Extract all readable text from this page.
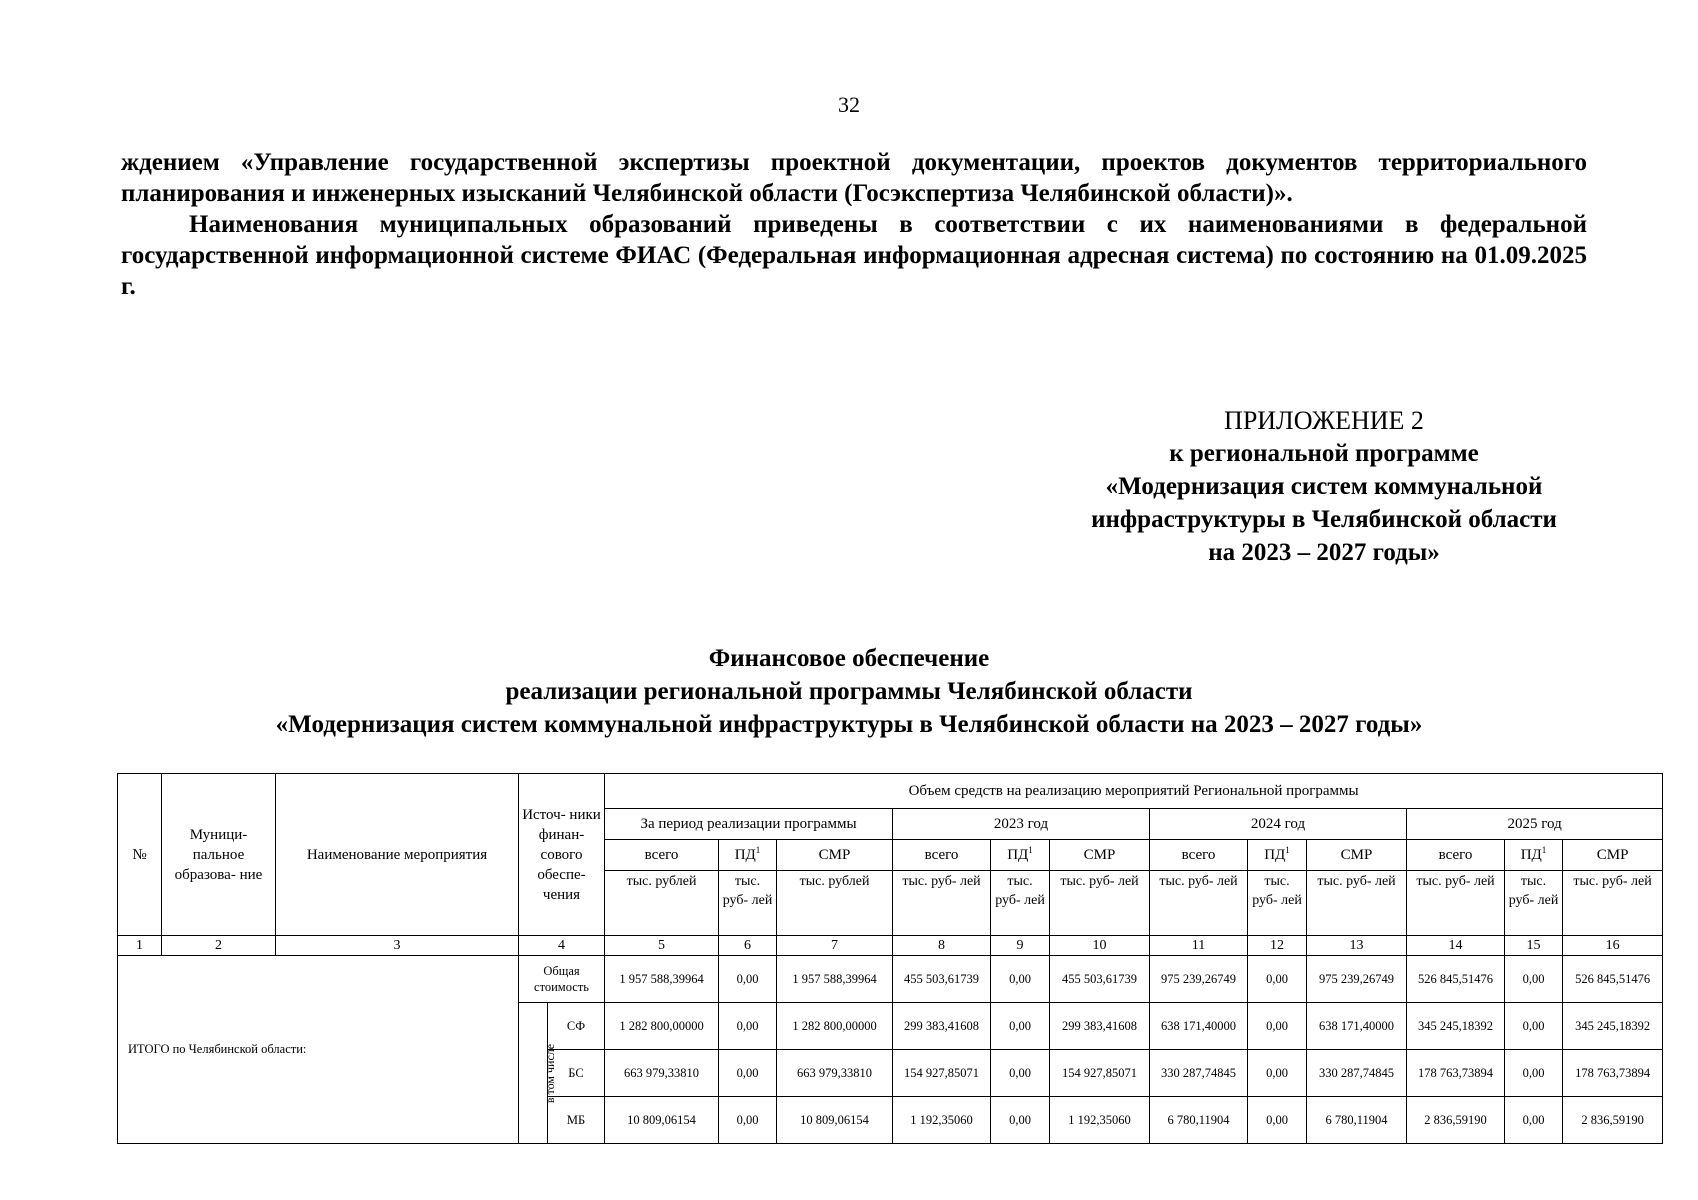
32

ждением «Управление государственной экспертизы проектной документации, проектов документов территориального планирования и инженерных изысканий Челябинской области (Госэкспертиза Челябинской области)».

Наименования муниципальных образований приведены в соответствии с их наименованиями в федеральной государственной информационной системе ФИАС (Федеральная информационная адресная система) по состоянию на 01.09.2025 г.

ПРИЛОЖЕНИЕ 2
к региональной программе
«Модернизация систем коммунальной
инфраструктуры в Челябинской области
на 2023 – 2027 годы»
Финансовое обеспечение
реализации региональной программы Челябинской области
«Модернизация систем коммунальной инфраструктуры в Челябинской области на 2023 – 2027 годы»
№	Муници- пальное образова- ние	Наименование мероприятия	Источ- ники финан- сового обеспе- чения		Объем средств на реализацию мероприятий Региональной программы											
					За период реализации программы			2023 год			2024 год			2025 год		
					всего	$ПД^1$	СМР	всего	$ПД^1$	СМР	всего	$ПД^1$	СМР	всего	$ПД^1$	СМР
					тыс. рублей	тыс. руб- лей	тыс. рублей	тыс. руб- лей	тыс. руб- лей	тыс. руб- лей	тыс. руб- лей	тыс. руб- лей	тыс. руб- лей	тыс. руб- лей	тыс. руб- лей	тыс. руб- лей
1	2	3	4		5	6	7	8	9	10	11	12	13	14	15	16
ИТОГО по Челябинской области:			Общая стоимость		1 957 588,39964	0,00	1 957 588,39964	455 503,61739	0,00	455 503,61739	975 239,26749	0,00	975 239,26749	526 845,51476	0,00	526 845,51476
			в том числе	СФ	1 282 800,00000	0,00	1 282 800,00000	299 383,41608	0,00	299 383,41608	638 171,40000	0,00	638 171,40000	345 245,18392	0,00	345 245,18392
				БС	663 979,33810	0,00	663 979,33810	154 927,85071	0,00	154 927,85071	330 287,74845	0,00	330 287,74845	178 763,73894	0,00	178 763,73894
				МБ	10 809,06154	0,00	10 809,06154	1 192,35060	0,00	1 192,35060	6 780,11904	0,00	6 780,11904	2 836,59190	0,00	2 836,59190
